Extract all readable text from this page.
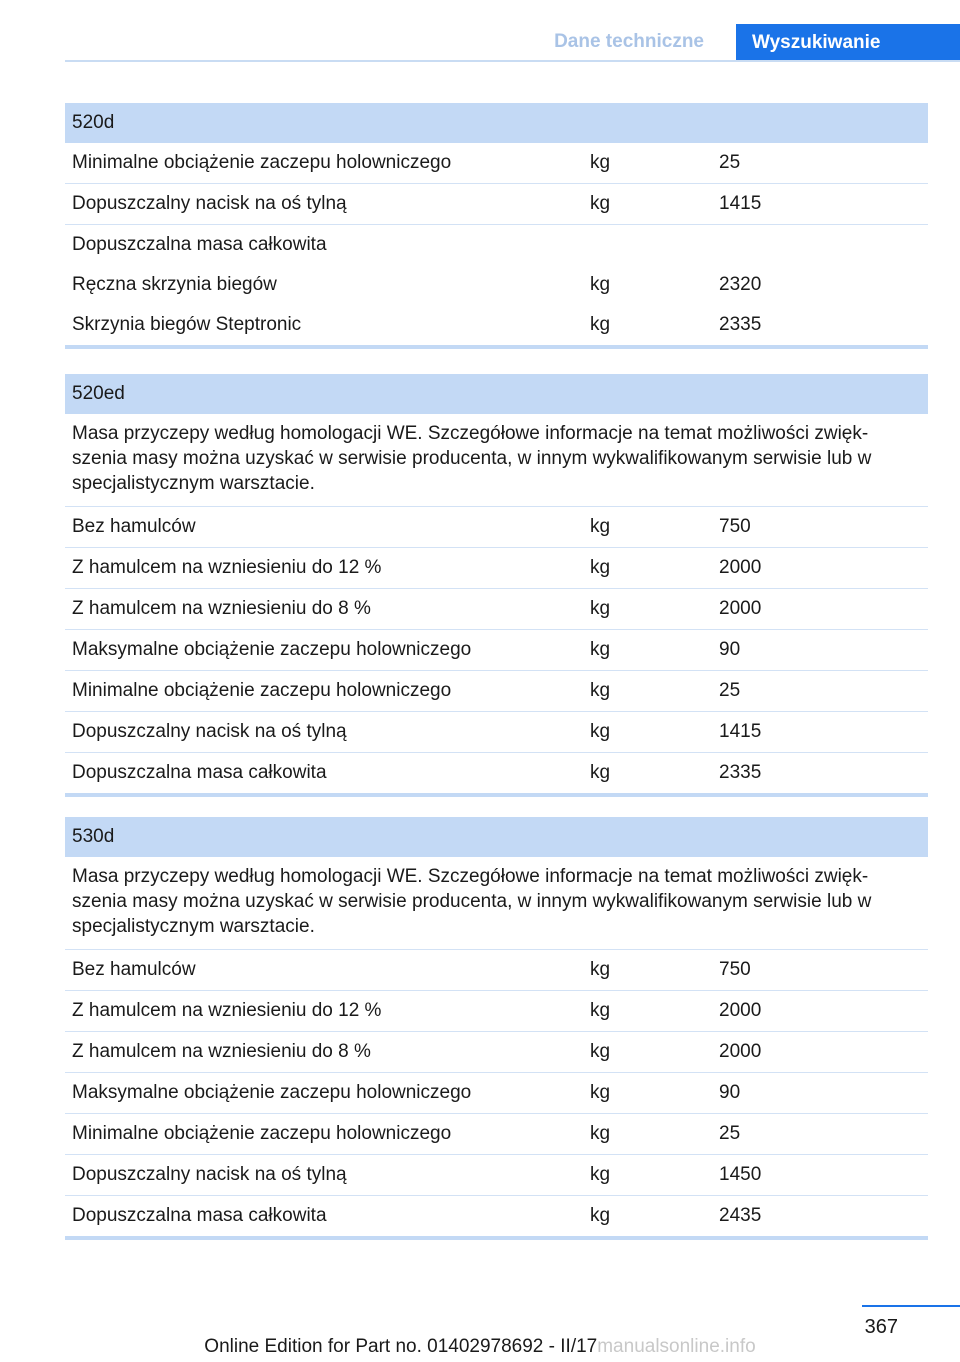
Dane techniczne	Wyszukiwanie
520d
Minimalne obciążenie zaczepu holowniczego	kg	25
Dopuszczalny nacisk na oś tylną	kg	1415
Dopuszczalna masa całkowita
Ręczna skrzynia biegów	kg	2320
Skrzynia biegów Steptronic	kg	2335
520ed
Masa przyczepy według homologacji WE. Szczegółowe informacje na temat możliwości zwiększenia masy można uzyskać w serwisie producenta, w innym wykwalifikowanym serwisie lub w specjalistycznym warsztacie.
Bez hamulców	kg	750
Z hamulcem na wzniesieniu do 12 %	kg	2000
Z hamulcem na wzniesieniu do 8 %	kg	2000
Maksymalne obciążenie zaczepu holowniczego	kg	90
Minimalne obciążenie zaczepu holowniczego	kg	25
Dopuszczalny nacisk na oś tylną	kg	1415
Dopuszczalna masa całkowita	kg	2335
530d
Masa przyczepy według homologacji WE. Szczegółowe informacje na temat możliwości zwiększenia masy można uzyskać w serwisie producenta, w innym wykwalifikowanym serwisie lub w specjalistycznym warsztacie.
Bez hamulców	kg	750
Z hamulcem na wzniesieniu do 12 %	kg	2000
Z hamulcem na wzniesieniu do 8 %	kg	2000
Maksymalne obciążenie zaczepu holowniczego	kg	90
Minimalne obciążenie zaczepu holowniczego	kg	25
Dopuszczalny nacisk na oś tylną	kg	1450
Dopuszczalna masa całkowita	kg	2435
367
Online Edition for Part no. 01402978692 - II/17manualsonline.info
